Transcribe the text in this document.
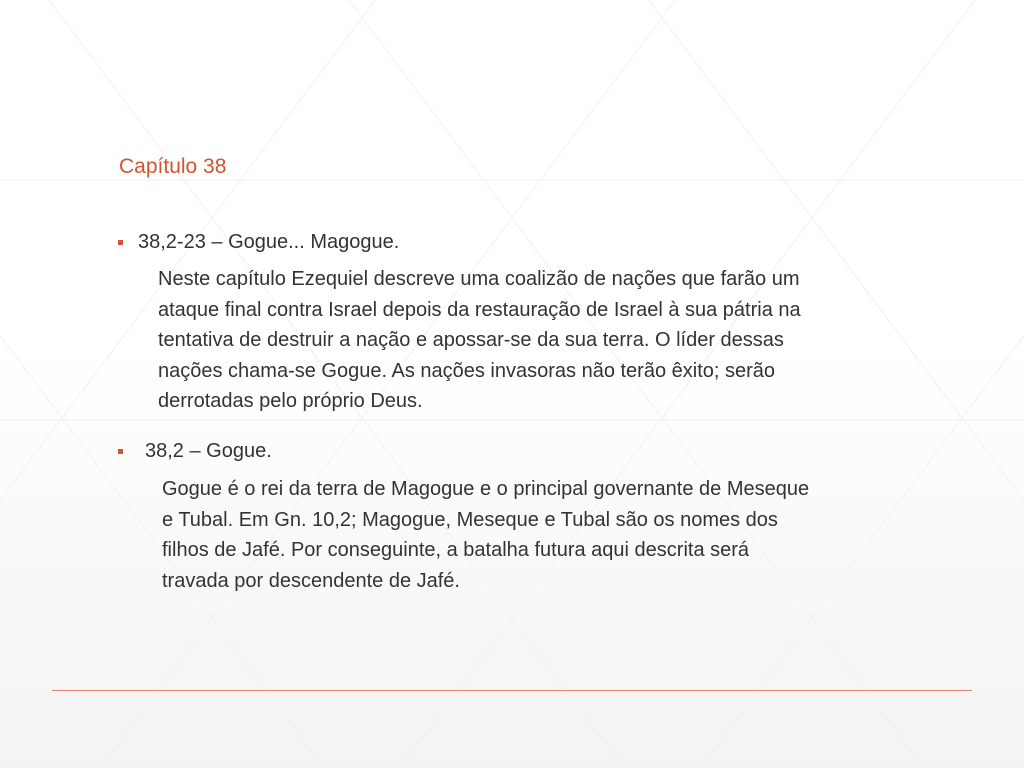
Capítulo 38
38,2-23 – Gogue... Magogue.
Neste capítulo Ezequiel descreve uma coalizão de nações que farão um
ataque final contra Israel depois da restauração de Israel à sua pátria na
tentativa de destruir a nação e apossar-se da sua terra. O líder dessas
nações chama-se Gogue. As nações invasoras não terão êxito; serão
derrotadas pelo próprio Deus.
38,2 – Gogue.
Gogue é o rei da terra de Magogue e o principal governante de Meseque
e Tubal. Em Gn. 10,2; Magogue, Meseque e Tubal são os nomes dos
filhos de Jafé. Por conseguinte, a batalha futura aqui descrita será
travada por descendente de Jafé.
